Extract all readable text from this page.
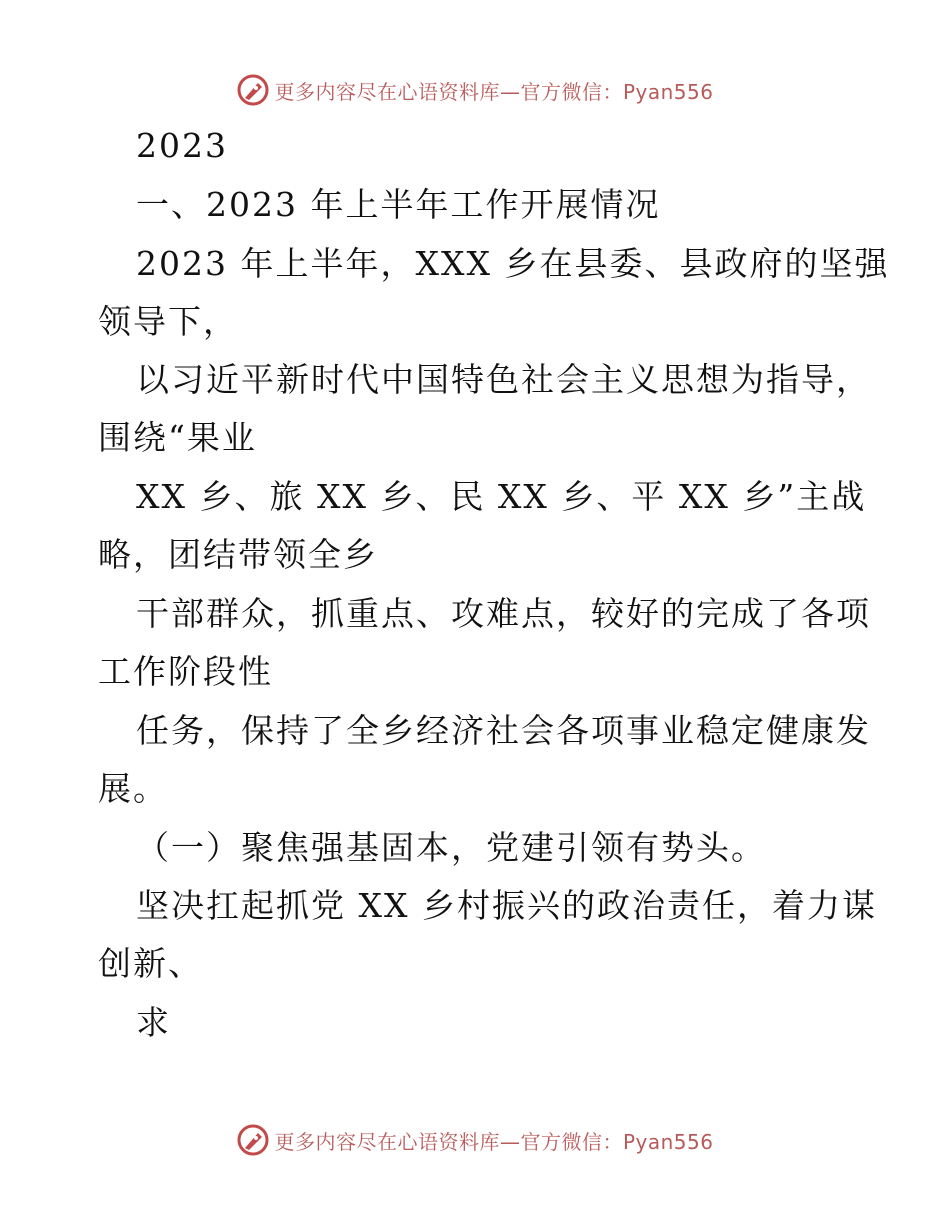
更多内容尽在心语资料库—官方微信：Pyan556

2023

一、2023 年上半年工作开展情况

2023 年上半年，XXX 乡在县委、县政府的坚强

领导下，

以习近平新时代中国特色社会主义思想为指导，

围绕“果业

XX 乡、旅 XX 乡、民 XX 乡、平 XX 乡”主战

略，团结带领全乡

干部群众，抓重点、攻难点，较好的完成了各项

工作阶段性

任务，保持了全乡经济社会各项事业稳定健康发

展。

（一）聚焦强基固本，党建引领有势头。

坚决扛起抓党 XX 乡村振兴的政治责任，着力谋

创新、

求

更多内容尽在心语资料库—官方微信：Pyan556
